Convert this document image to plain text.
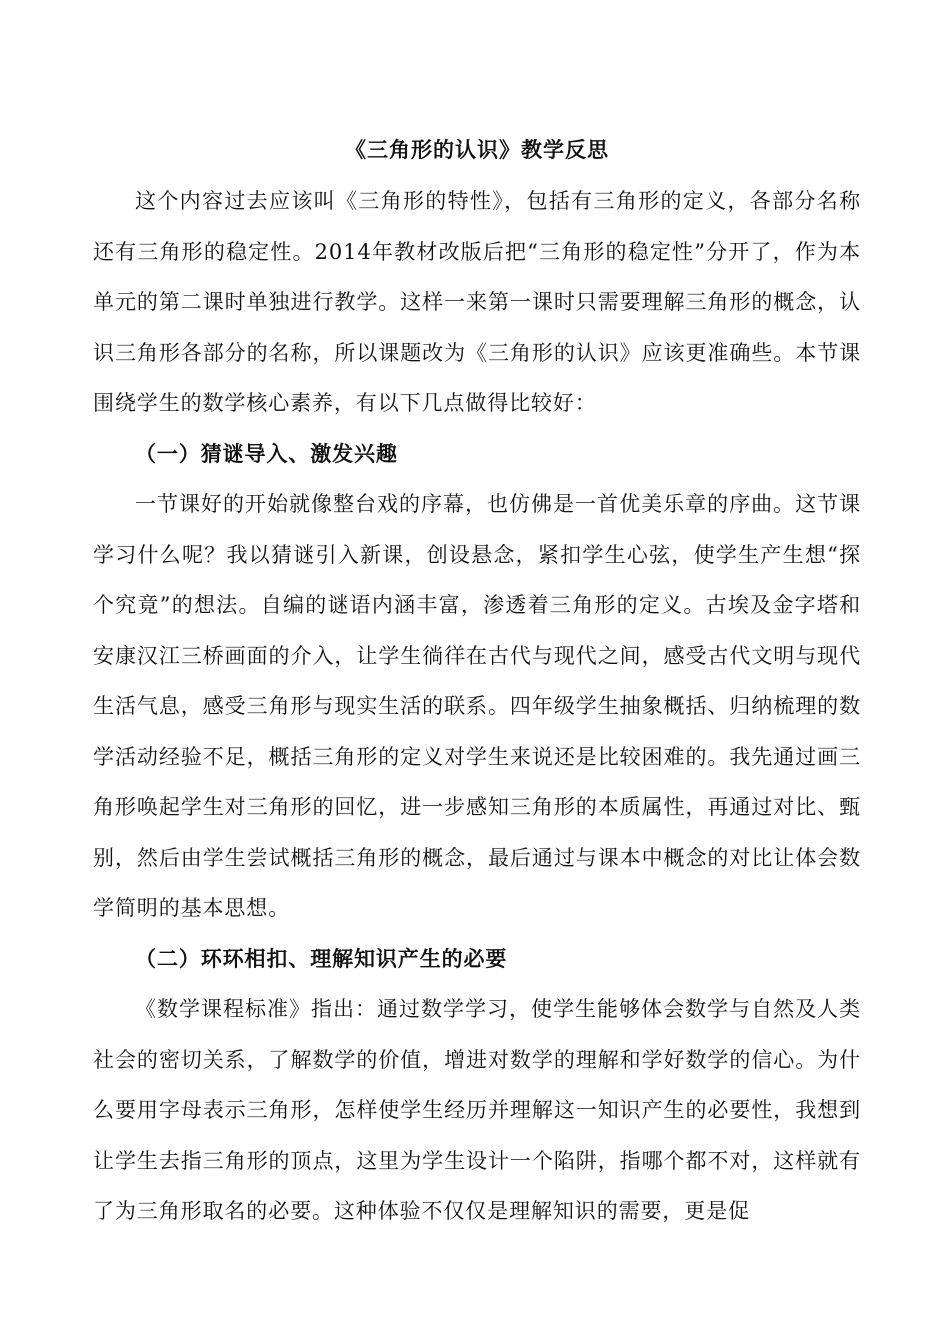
《三角形的认识》教学反思

这个内容过去应该叫《三角形的特性》，包括有三角形的定义，各部分名称还有三角形的稳定性。2014年教材改版后把“三角形的稳定性”分开了，作为本单元的第二课时单独进行教学。这样一来第一课时只需要理解三角形的概念，认识三角形各部分的名称，所以课题改为《三角形的认识》应该更准确些。本节课围绕学生的数学核心素养，有以下几点做得比较好：

（一）猜谜导入、激发兴趣

一节课好的开始就像整台戏的序幕，也仿佛是一首优美乐章的序曲。这节课学习什么呢？我以猜谜引入新课，创设悬念，紧扣学生心弦，使学生产生想“探个究竟”的想法。自编的谜语内涵丰富，渗透着三角形的定义。古埃及金字塔和安康汉江三桥画面的介入，让学生徜徉在古代与现代之间，感受古代文明与现代生活气息，感受三角形与现实生活的联系。四年级学生抽象概括、归纳梳理的数学活动经验不足，概括三角形的定义对学生来说还是比较困难的。我先通过画三角形唤起学生对三角形的回忆，进一步感知三角形的本质属性，再通过对比、甄别，然后由学生尝试概括三角形的概念，最后通过与课本中概念的对比让体会数学简明的基本思想。

（二）环环相扣、理解知识产生的必要

《数学课程标准》指出：通过数学学习，使学生能够体会数学与自然及人类社会的密切关系，了解数学的价值，增进对数学的理解和学好数学的信心。为什么要用字母表示三角形，怎样使学生经历并理解这一知识产生的必要性，我想到让学生去指三角形的顶点，这里为学生设计一个陷阱，指哪个都不对，这样就有了为三角形取名的必要。这种体验不仅仅是理解知识的需要，更是促
